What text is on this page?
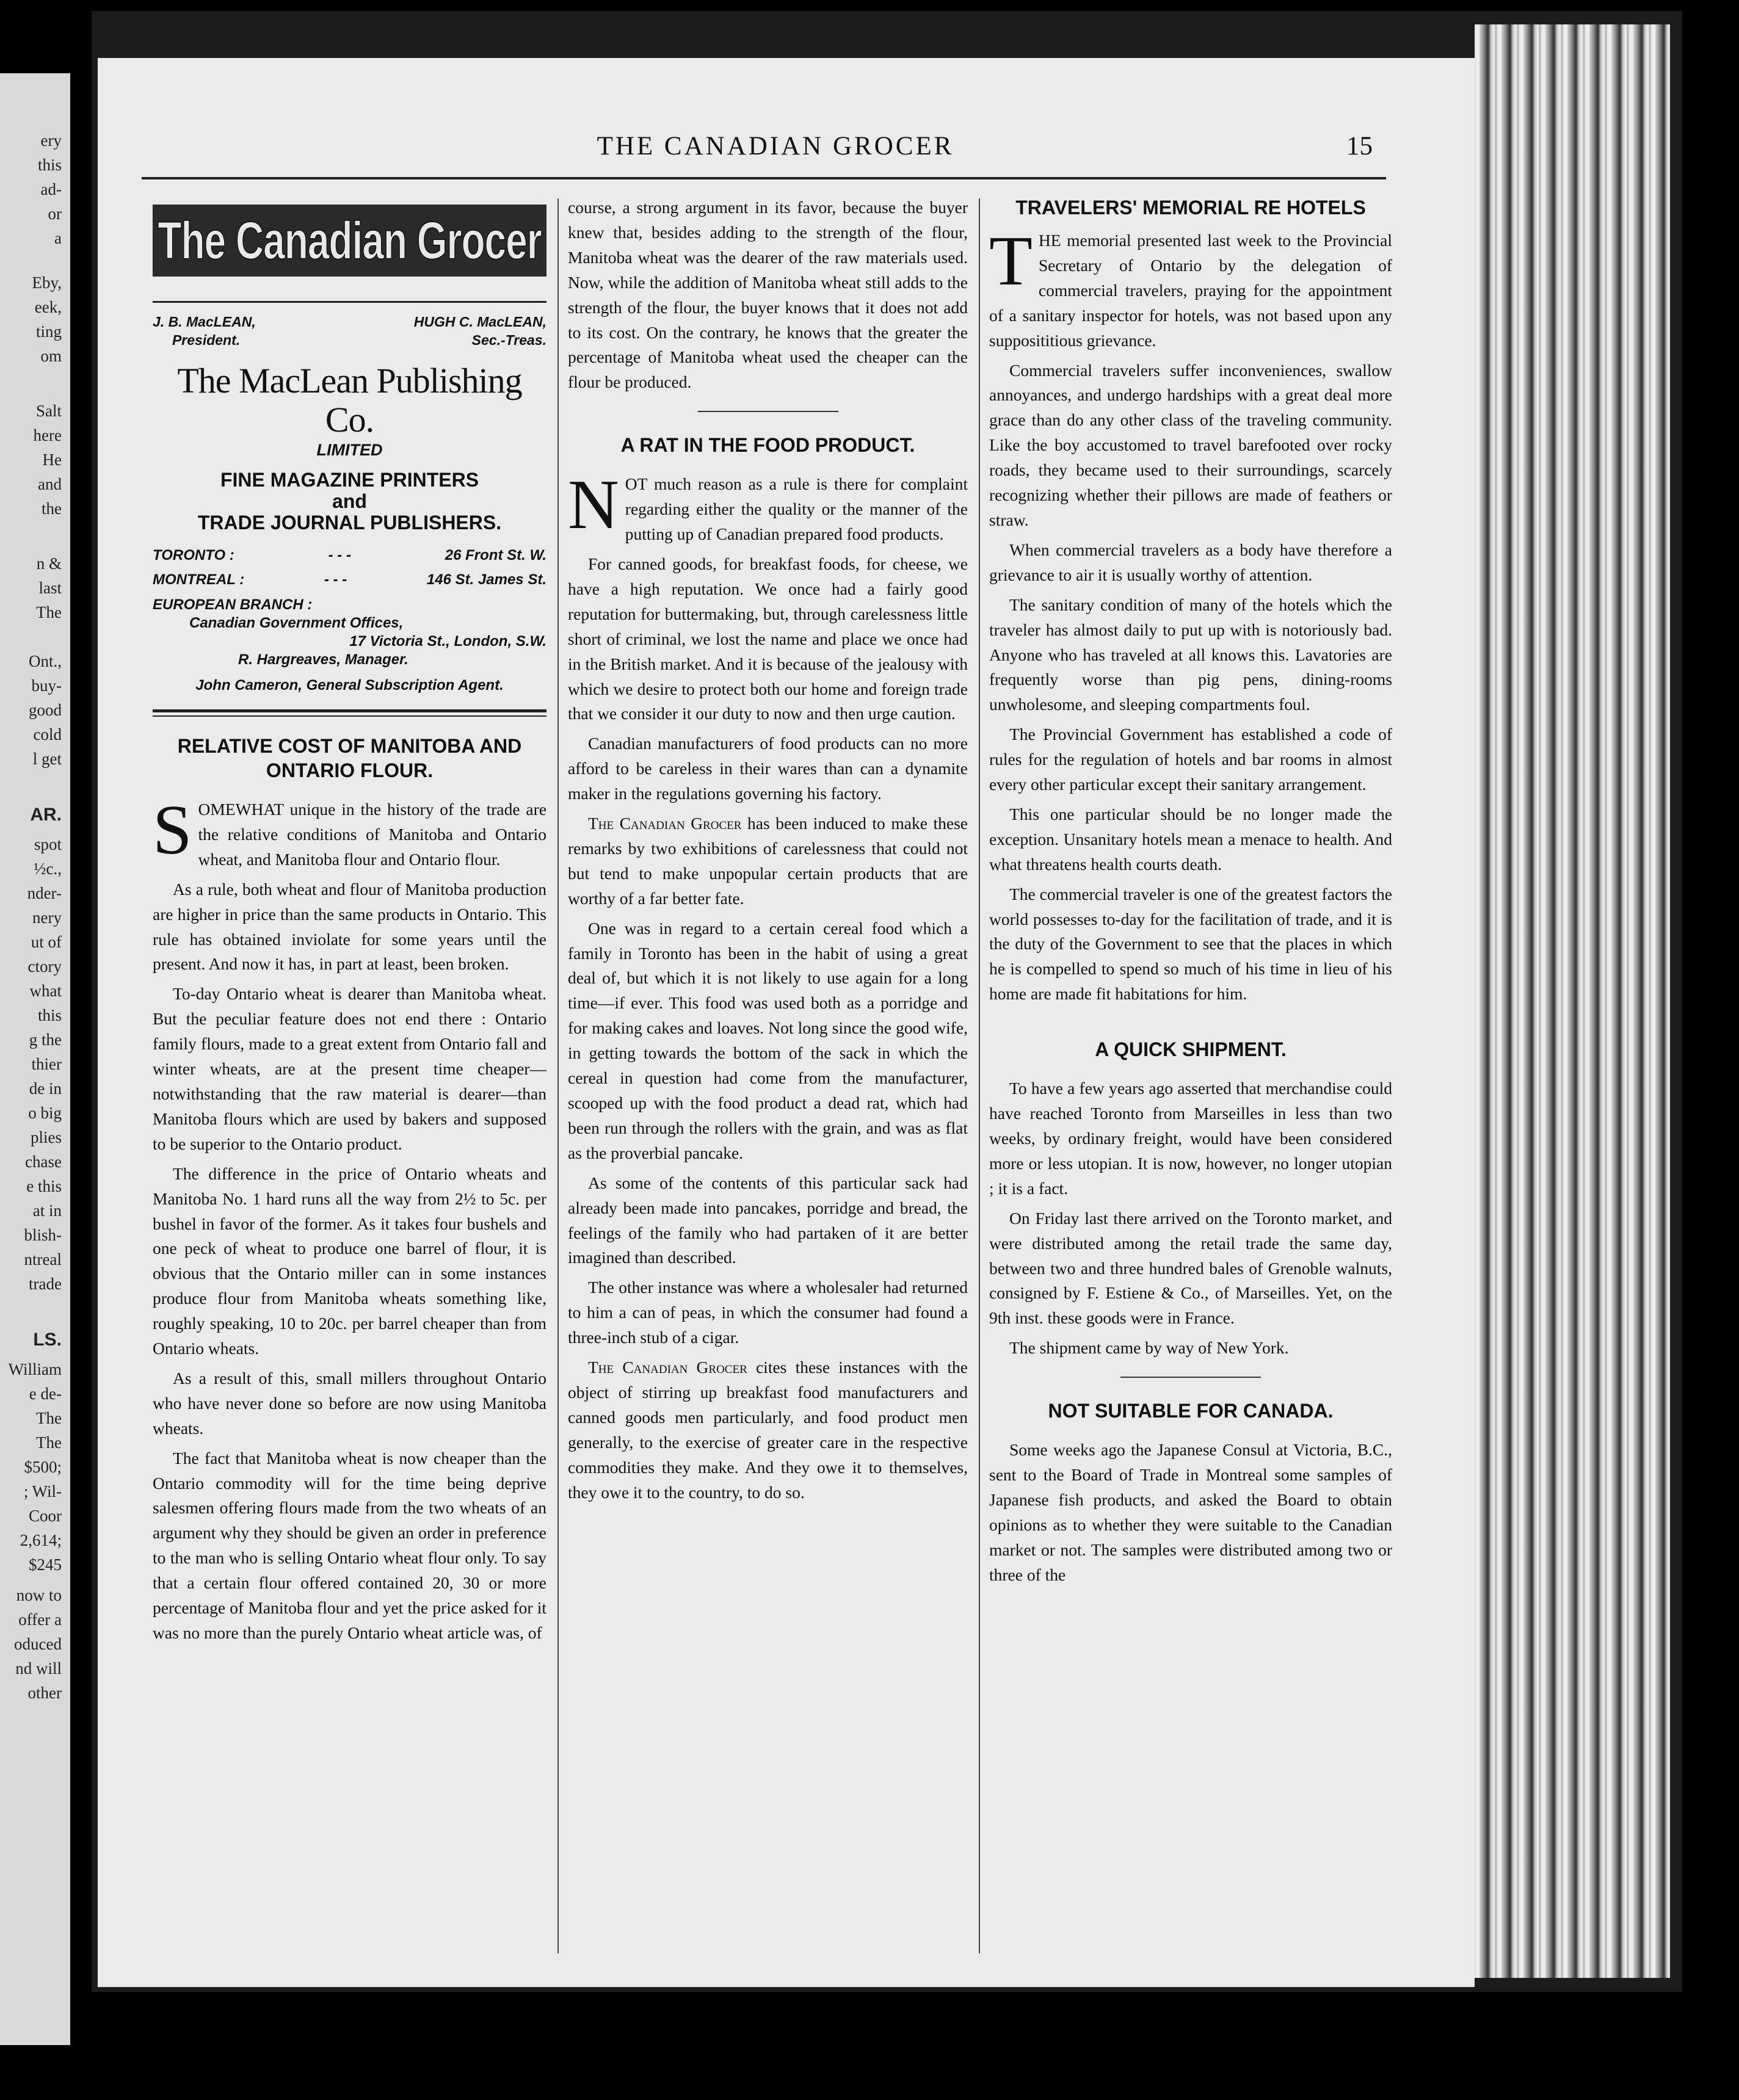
ery
this
ad-
or
a
Eby,
eek,
ting
om
Salt
here
He
and
the
n &
last
The
Ont.,
buy-
good
cold
l get
AR.
spot
½c.,
nder-
nery
ut of
ctory
what
this
g the
thier
de in
o big
plies
chase
e this
at in
blish-
ntreal
trade
LS.
William
e de-
The
The
$500;
; Wil-
Coor
2,614;
$245
now to
offer a
oduced
nd will
other
THE CANADIAN GROCER	15
The Canadian Grocer
J. B. MacLEAN,
President.
HUGH C. MacLEAN,
Sec.-Treas.
The MacLean Publishing Co.
LIMITED
FINE MAGAZINE PRINTERS
and
TRADE JOURNAL PUBLISHERS.
TORONTO :	- - -	26 Front St. W.
MONTREAL :	- - -	146 St. James St.
EUROPEAN BRANCH :
Canadian Government Offices,
17 Victoria St., London, S.W.
R. Hargreaves, Manager.
John Cameron, General Subscription Agent.
RELATIVE COST OF MANITOBA AND ONTARIO FLOUR.

SOMEWHAT unique in the history of the trade are the relative conditions of Manitoba and Ontario wheat, and Manitoba flour and Ontario flour.

As a rule, both wheat and flour of Manitoba production are higher in price than the same products in Ontario. This rule has obtained inviolate for some years until the present. And now it has, in part at least, been broken.

To-day Ontario wheat is dearer than Manitoba wheat. But the peculiar feature does not end there : Ontario family flours, made to a great extent from Ontario fall and winter wheats, are at the present time cheaper—notwithstanding that the raw material is dearer—than Manitoba flours which are used by bakers and supposed to be superior to the Ontario product.

The difference in the price of Ontario wheats and Manitoba No. 1 hard runs all the way from 2½ to 5c. per bushel in favor of the former. As it takes four bushels and one peck of wheat to produce one barrel of flour, it is obvious that the Ontario miller can in some instances produce flour from Manitoba wheats something like, roughly speaking, 10 to 20c. per barrel cheaper than from Ontario wheats.

As a result of this, small millers throughout Ontario who have never done so before are now using Manitoba wheats.

The fact that Manitoba wheat is now cheaper than the Ontario commodity will for the time being deprive salesmen offering flours made from the two wheats of an argument why they should be given an order in preference to the man who is selling Ontario wheat flour only. To say that a certain flour offered contained 20, 30 or more percentage of Manitoba flour and yet the price asked for it was no more than the purely Ontario wheat article was, of

course, a strong argument in its favor, because the buyer knew that, besides adding to the strength of the flour, Manitoba wheat was the dearer of the raw materials used. Now, while the addition of Manitoba wheat still adds to the strength of the flour, the buyer knows that it does not add to its cost. On the contrary, he knows that the greater the percentage of Manitoba wheat used the cheaper can the flour be produced.

A RAT IN THE FOOD PRODUCT.

NOT much reason as a rule is there for complaint regarding either the quality or the manner of the putting up of Canadian prepared food products.

For canned goods, for breakfast foods, for cheese, we have a high reputation. We once had a fairly good reputation for buttermaking, but, through carelessness little short of criminal, we lost the name and place we once had in the British market. And it is because of the jealousy with which we desire to protect both our home and foreign trade that we consider it our duty to now and then urge caution.

Canadian manufacturers of food products can no more afford to be careless in their wares than can a dynamite maker in the regulations governing his factory.

The Canadian Grocer has been induced to make these remarks by two exhibitions of carelessness that could not but tend to make unpopular certain products that are worthy of a far better fate.

One was in regard to a certain cereal food which a family in Toronto has been in the habit of using a great deal of, but which it is not likely to use again for a long time—if ever. This food was used both as a porridge and for making cakes and loaves. Not long since the good wife, in getting towards the bottom of the sack in which the cereal in question had come from the manufacturer, scooped up with the food product a dead rat, which had been run through the rollers with the grain, and was as flat as the proverbial pancake.

As some of the contents of this particular sack had already been made into pancakes, porridge and bread, the feelings of the family who had partaken of it are better imagined than described.

The other instance was where a wholesaler had returned to him a can of peas, in which the consumer had found a three-inch stub of a cigar.

The Canadian Grocer cites these instances with the object of stirring up breakfast food manufacturers and canned goods men particularly, and food product men generally, to the exercise of greater care in the respective commodities they make. And they owe it to themselves, they owe it to the country, to do so.

TRAVELERS' MEMORIAL RE HOTELS

THE memorial presented last week to the Provincial Secretary of Ontario by the delegation of commercial travelers, praying for the appointment of a sanitary inspector for hotels, was not based upon any supposititious grievance.

Commercial travelers suffer inconveniences, swallow annoyances, and undergo hardships with a great deal more grace than do any other class of the traveling community. Like the boy accustomed to travel barefooted over rocky roads, they became used to their surroundings, scarcely recognizing whether their pillows are made of feathers or straw.

When commercial travelers as a body have therefore a grievance to air it is usually worthy of attention.

The sanitary condition of many of the hotels which the traveler has almost daily to put up with is notoriously bad. Anyone who has traveled at all knows this. Lavatories are frequently worse than pig pens, dining-rooms unwholesome, and sleeping compartments foul.

The Provincial Government has established a code of rules for the regulation of hotels and bar rooms in almost every other particular except their sanitary arrangement.

This one particular should be no longer made the exception. Unsanitary hotels mean a menace to health. And what threatens health courts death.

The commercial traveler is one of the greatest factors the world possesses to-day for the facilitation of trade, and it is the duty of the Government to see that the places in which he is compelled to spend so much of his time in lieu of his home are made fit habitations for him.

A QUICK SHIPMENT.

To have a few years ago asserted that merchandise could have reached Toronto from Marseilles in less than two weeks, by ordinary freight, would have been considered more or less utopian. It is now, however, no longer utopian ; it is a fact.

On Friday last there arrived on the Toronto market, and were distributed among the retail trade the same day, between two and three hundred bales of Grenoble walnuts, consigned by F. Estiene & Co., of Marseilles. Yet, on the 9th inst. these goods were in France.

The shipment came by way of New York.

NOT SUITABLE FOR CANADA.

Some weeks ago the Japanese Consul at Victoria, B.C., sent to the Board of Trade in Montreal some samples of Japanese fish products, and asked the Board to obtain opinions as to whether they were suitable to the Canadian market or not. The samples were distributed among two or three of the
